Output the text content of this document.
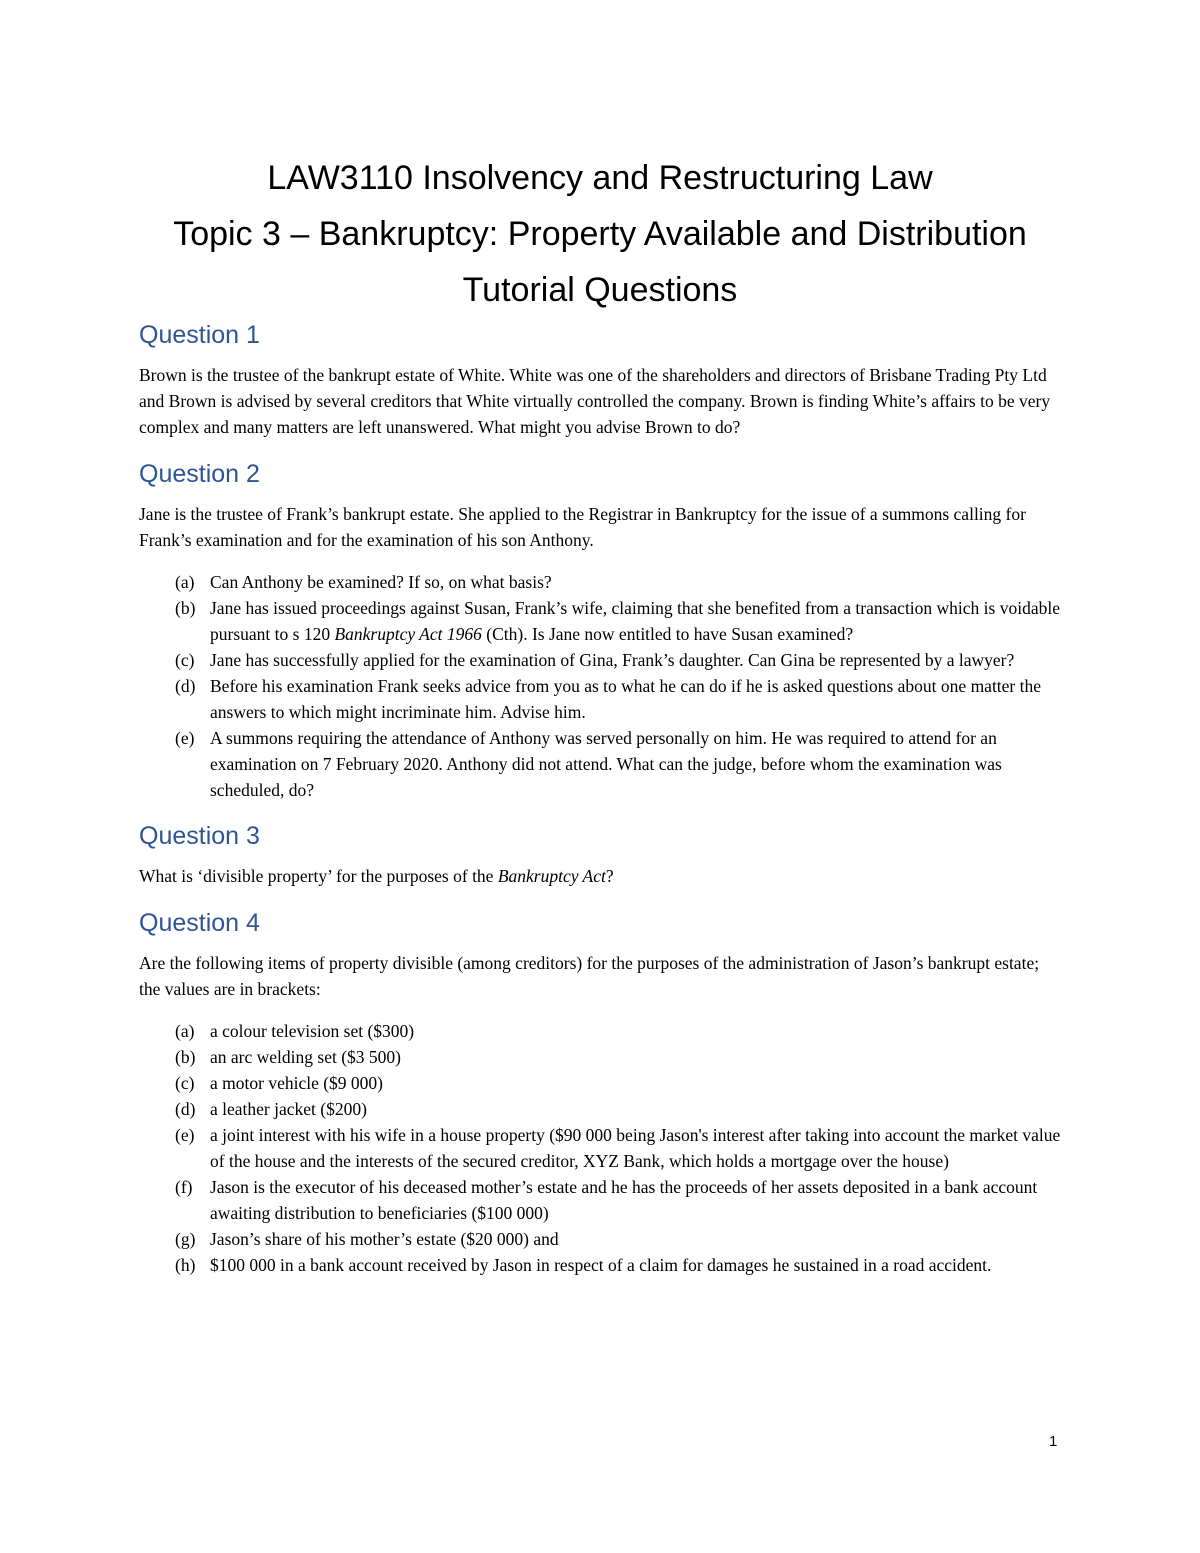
LAW3110 Insolvency and Restructuring Law
Topic 3 – Bankruptcy: Property Available and Distribution
Tutorial Questions
Question 1

Brown is the trustee of the bankrupt estate of White. White was one of the shareholders and directors of Brisbane Trading Pty Ltd and Brown is advised by several creditors that White virtually controlled the company. Brown is finding White’s affairs to be very complex and many matters are left unanswered. What might you advise Brown to do?

Question 2

Jane is the trustee of Frank’s bankrupt estate. She applied to the Registrar in Bankruptcy for the issue of a summons calling for Frank’s examination and for the examination of his son Anthony.

(a) Can Anthony be examined? If so, on what basis?
(b) Jane has issued proceedings against Susan, Frank’s wife, claiming that she benefited from a transaction which is voidable pursuant to s 120 Bankruptcy Act 1966 (Cth). Is Jane now entitled to have Susan examined?
(c) Jane has successfully applied for the examination of Gina, Frank’s daughter. Can Gina be represented by a lawyer?
(d) Before his examination Frank seeks advice from you as to what he can do if he is asked questions about one matter the answers to which might incriminate him. Advise him.
(e) A summons requiring the attendance of Anthony was served personally on him. He was required to attend for an examination on 7 February 2020. Anthony did not attend. What can the judge, before whom the examination was scheduled, do?
Question 3

What is ‘divisible property’ for the purposes of the Bankruptcy Act?

Question 4

Are the following items of property divisible (among creditors) for the purposes of the administration of Jason’s bankrupt estate; the values are in brackets:

(a) a colour television set ($300)
(b) an arc welding set ($3 500)
(c) a motor vehicle ($9 000)
(d) a leather jacket ($200)
(e) a joint interest with his wife in a house property ($90 000 being Jason's interest after taking into account the market value of the house and the interests of the secured creditor, XYZ Bank, which holds a mortgage over the house)
(f) Jason is the executor of his deceased mother’s estate and he has the proceeds of her assets deposited in a bank account awaiting distribution to beneficiaries ($100 000)
(g) Jason’s share of his mother’s estate ($20 000) and
(h) $100 000 in a bank account received by Jason in respect of a claim for damages he sustained in a road accident.
1
